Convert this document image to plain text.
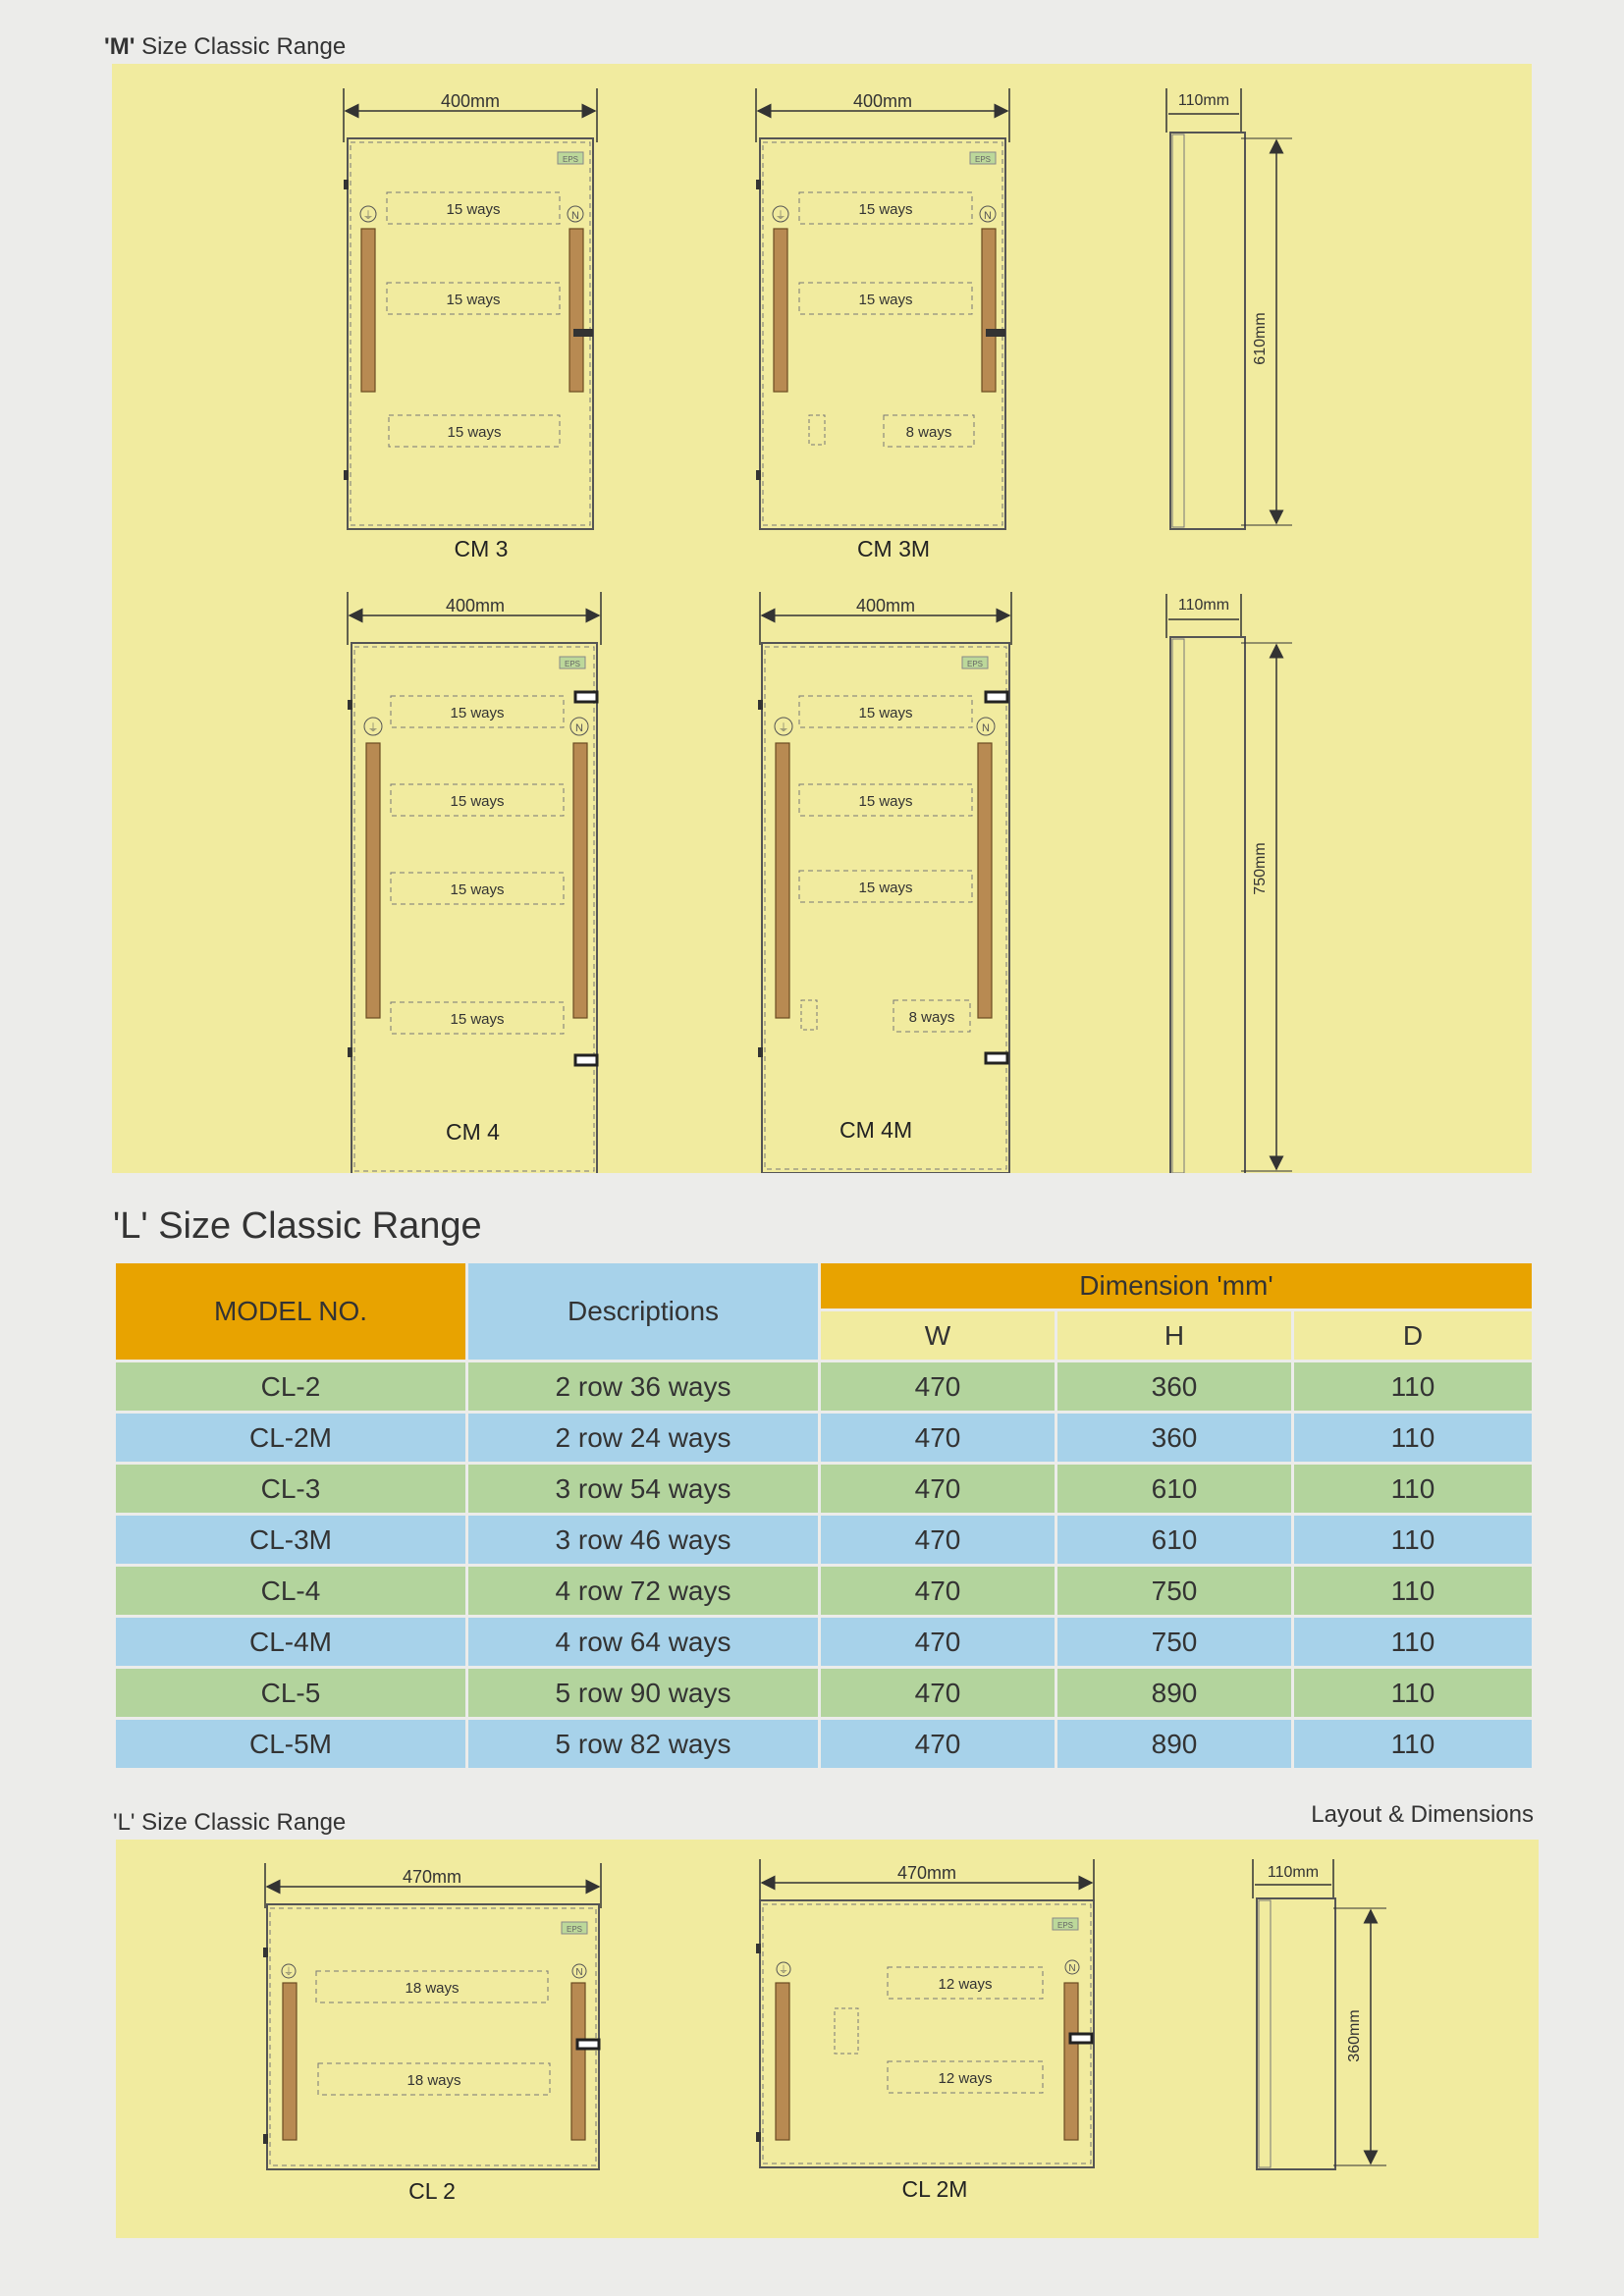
'M' Size Classic Range
400mm
EPS
⏚	N
15 ways
15 ways
15 ways
CM 3
400mm
EPS
⏚	N
15 ways
15 ways
8 ways
CM 3M
110mm
610mm
400mm
EPS
⏚	N
15 ways
15 ways
15 ways
15 ways
400mm
EPS
⏚	N
15 ways
15 ways
15 ways
8 ways
110mm
750mm
CM 4	CM 4M
'L' Size Classic Range
MODEL NO.	Descriptions	Dimension 'mm'		
		W	H	D
CL-2	2 row 36 ways	470	360	110
CL-2M	2 row 24 ways	470	360	110
CL-3	3 row 54 ways	470	610	110
CL-3M	3 row 46 ways	470	610	110
CL-4	4 row 72 ways	470	750	110
CL-4M	4 row 64 ways	470	750	110
CL-5	5 row 90 ways	470	890	110
CL-5M	5 row 82 ways	470	890	110
'L' Size Classic Range	Layout & Dimensions
470mm
EPS
⏚	N
18 ways
18 ways
CL 2
470mm
EPS
⏚	N
12 ways
12 ways
CL 2M
110mm
360mm
